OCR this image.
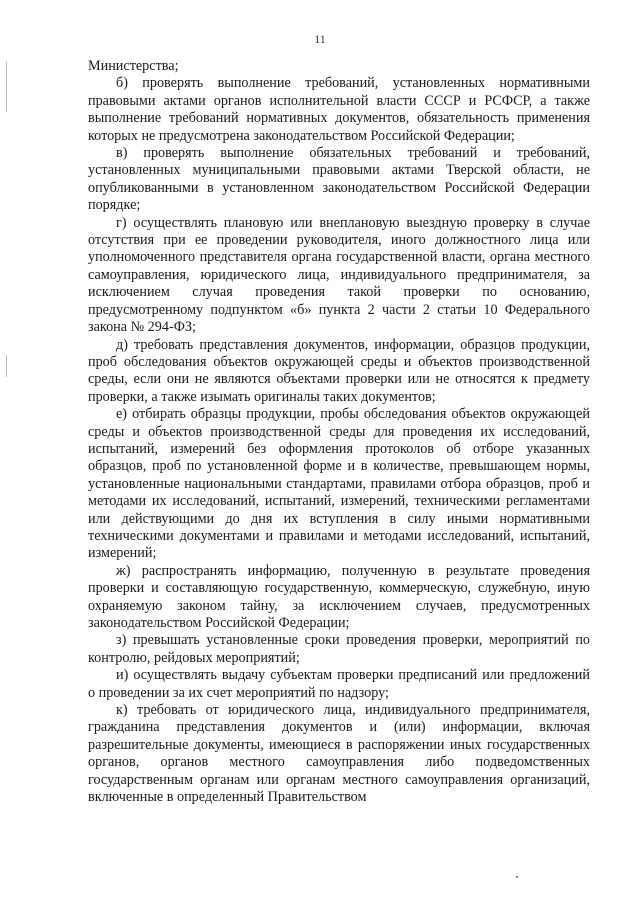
11

Министерства;

б) проверять выполнение требований, установленных нормативными правовыми актами органов исполнительной власти СССР и РСФСР, а также выполнение требований нормативных документов, обязательность применения которых не предусмотрена законодательством Российской Федерации;

в) проверять выполнение обязательных требований и требований, установленных муниципальными правовыми актами Тверской области, не опубликованными в установленном законодательством Российской Федерации порядке;

г) осуществлять плановую или внеплановую выездную проверку в случае отсутствия при ее проведении руководителя, иного должностного лица или уполномоченного представителя органа государственной власти, органа местного самоуправления, юридического лица, индивидуального предпринимателя, за исключением случая проведения такой проверки по основанию, предусмотренному подпунктом «б» пункта 2 части 2 статьи 10 Федерального закона № 294-ФЗ;

д) требовать представления документов, информации, образцов продукции, проб обследования объектов окружающей среды и объектов производственной среды, если они не являются объектами проверки или не относятся к предмету проверки, а также изымать оригиналы таких документов;

е) отбирать образцы продукции, пробы обследования объектов окружающей среды и объектов производственной среды для проведения их исследований, испытаний, измерений без оформления протоколов об отборе указанных образцов, проб по установленной форме и в количестве, превышающем нормы, установленные национальными стандартами, правилами отбора образцов, проб и методами их исследований, испытаний, измерений, техническими регламентами или действующими до дня их вступления в силу иными нормативными техническими документами и правилами и методами исследований, испытаний, измерений;

ж) распространять информацию, полученную в результате проведения проверки и составляющую государственную, коммерческую, служебную, иную охраняемую законом тайну, за исключением случаев, предусмотренных законодательством Российской Федерации;

з) превышать установленные сроки проведения проверки, мероприятий по контролю, рейдовых мероприятий;

и) осуществлять выдачу субъектам проверки предписаний или предложений о проведении за их счет мероприятий по надзору;

к) требовать от юридического лица, индивидуального предпринимателя, гражданина представления документов и (или) информации, включая разрешительные документы, имеющиеся в распоряжении иных государственных органов, органов местного самоуправления либо подведомственных государственным органам или органам местного самоуправления организаций, включенные в определенный Правительством
